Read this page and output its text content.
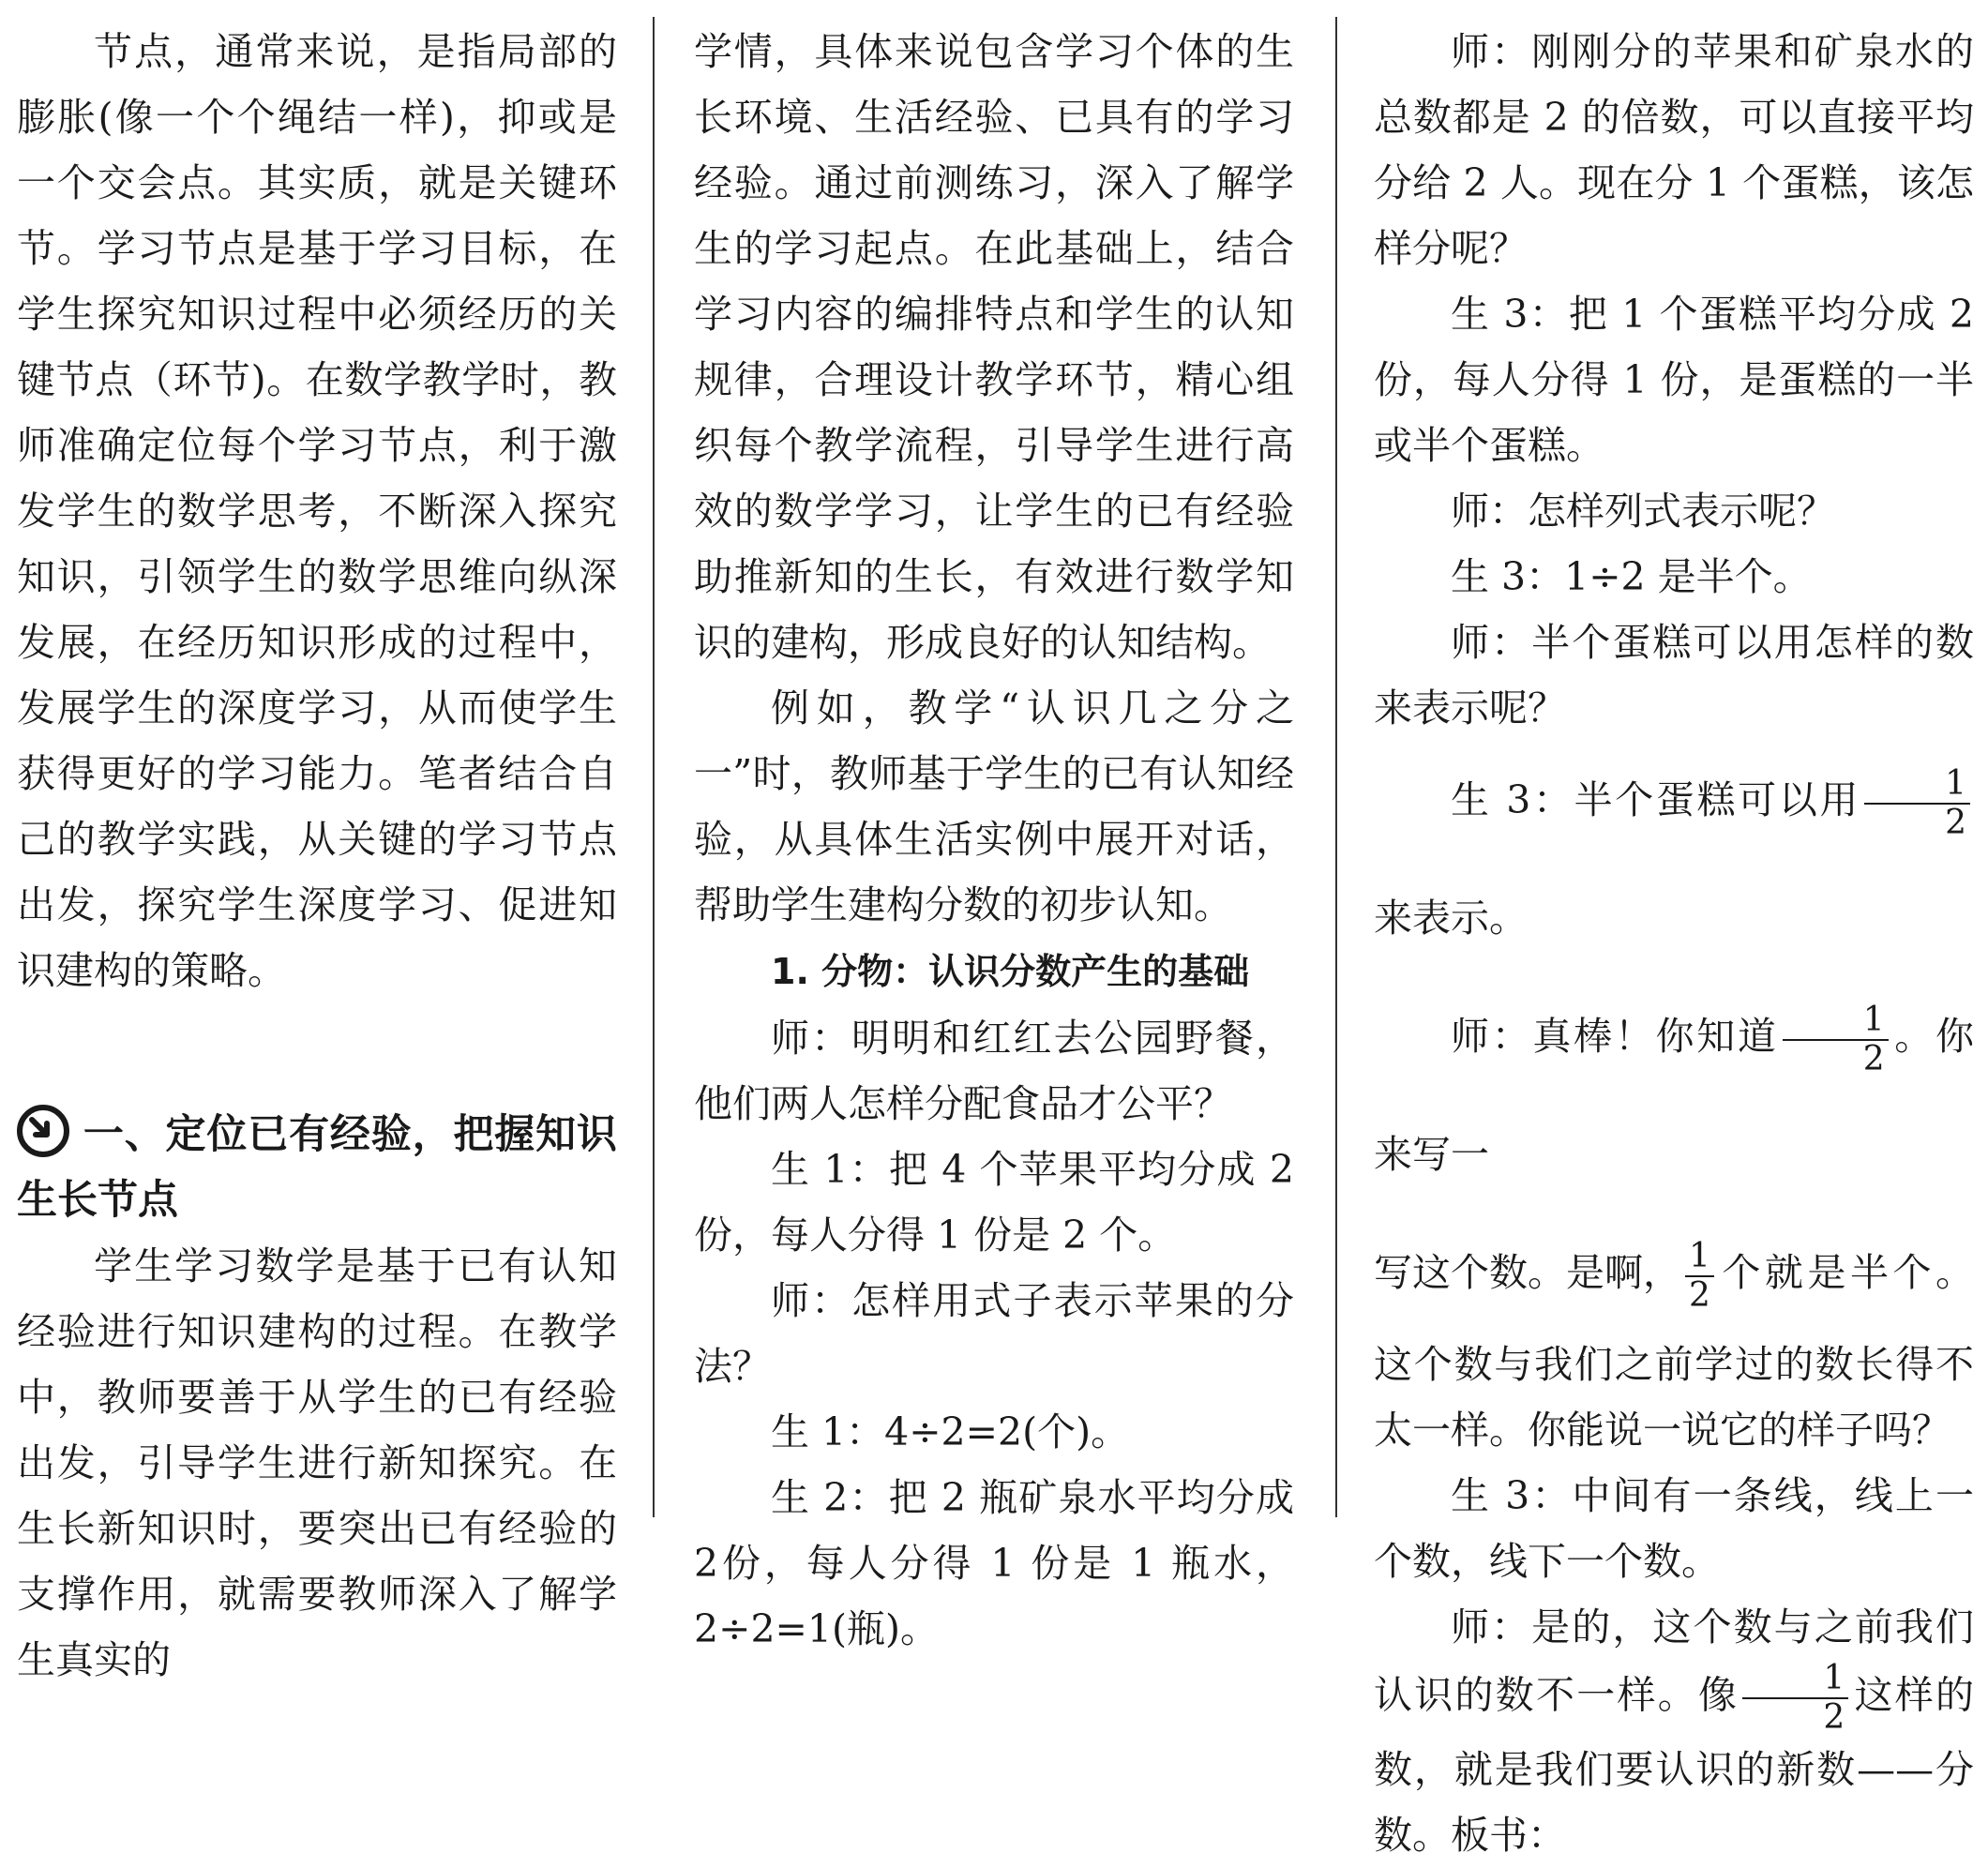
节点，通常来说，是指局部的膨胀(像一个个绳结一样)，抑或是一个交会点。其实质，就是关键环节。学习节点是基于学习目标，在学生探究知识过程中必须经历的关键节点（环节)。在数学教学时，教师准确定位每个学习节点，利于激发学生的数学思考，不断深入探究知识，引领学生的数学思维向纵深发展，在经历知识形成的过程中，发展学生的深度学习，从而使学生获得更好的学习能力。笔者结合自己的教学实践，从关键的学习节点出发，探究学生深度学习、促进知识建构的策略。

一、定位已有经验，把握知识生长节点

学生学习数学是基于已有认知经验进行知识建构的过程。在教学中，教师要善于从学生的已有经验出发，引导学生进行新知探究。在生长新知识时，要突出已有经验的支撑作用，就需要教师深入了解学生真实的

学情，具体来说包含学习个体的生长环境、生活经验、已具有的学习经验。通过前测练习，深入了解学生的学习起点。在此基础上，结合学习内容的编排特点和学生的认知规律，合理设计教学环节，精心组织每个教学流程，引导学生进行高效的数学学习，让学生的已有经验助推新知的生长，有效进行数学知识的建构，形成良好的认知结构。

例如，教学“认识几之分之一”时，教师基于学生的已有认知经验，从具体生活实例中展开对话，帮助学生建构分数的初步认知。

1. 分物：认识分数产生的基础

师：明明和红红去公园野餐，他们两人怎样分配食品才公平？

生 1：把 4 个苹果平均分成 2份，每人分得 1 份是 2 个。

师：怎样用式子表示苹果的分法？

生 1：4÷2=2(个)。

生 2：把 2 瓶矿泉水平均分成 2份，每人分得 1 份是 1 瓶水，2÷2=1(瓶)。

师：刚刚分的苹果和矿泉水的总数都是 2 的倍数，可以直接平均分给 2 人。现在分 1 个蛋糕，该怎样分呢？

生 3：把 1 个蛋糕平均分成 2份，每人分得 1 份，是蛋糕的一半或半个蛋糕。

师：怎样列式表示呢？

生 3：1÷2 是半个。

师：半个蛋糕可以用怎样的数来表示呢？

生 3：半个蛋糕可以用 $\frac{1}{2}$
来表示。

师：真棒！你知道 $\frac{1}{2}$ 。你来写一

写这个数。是啊， $\frac{1}{2}$ 个就是半个。这个数与我们之前学过的数长得不太一样。你能说一说它的样子吗？

生 3：中间有一条线，线上一个数，线下一个数。

师：是的，这个数与之前我们认识的数不一样。像 $\frac{1}{2}$ 这样的数，就是我们要认识的新数——分数。板书：
